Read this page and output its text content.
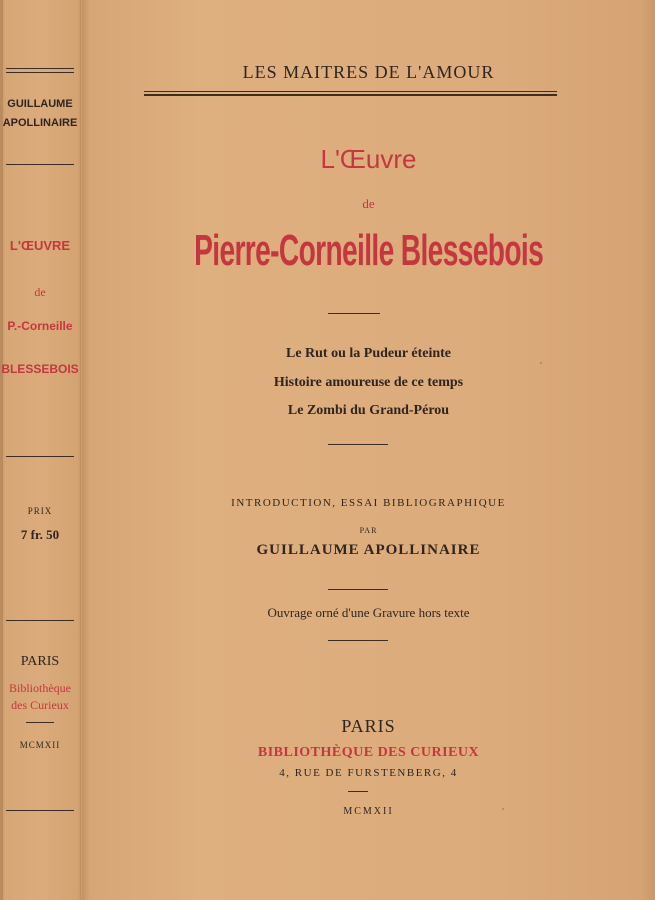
GUILLAUME
APOLLINAIRE
L'ŒUVRE
de
P.-Corneille
BLESSEBOIS
PRIX
7 fr. 50
PARIS
Bibliothèque
des Curieux
MCMXII
LES MAITRES DE L'AMOUR
L'Œuvre
de
Pierre-Corneille Blessebois
Le Rut ou la Pudeur éteinte
Histoire amoureuse de ce temps
Le Zombi du Grand-Pérou
INTRODUCTION, ESSAI BIBLIOGRAPHIQUE
PAR
GUILLAUME APOLLINAIRE
Ouvrage orné d'une Gravure hors texte
PARIS
BIBLIOTHÈQUE DES CURIEUX
4, RUE DE FURSTENBERG, 4
MCMXII
